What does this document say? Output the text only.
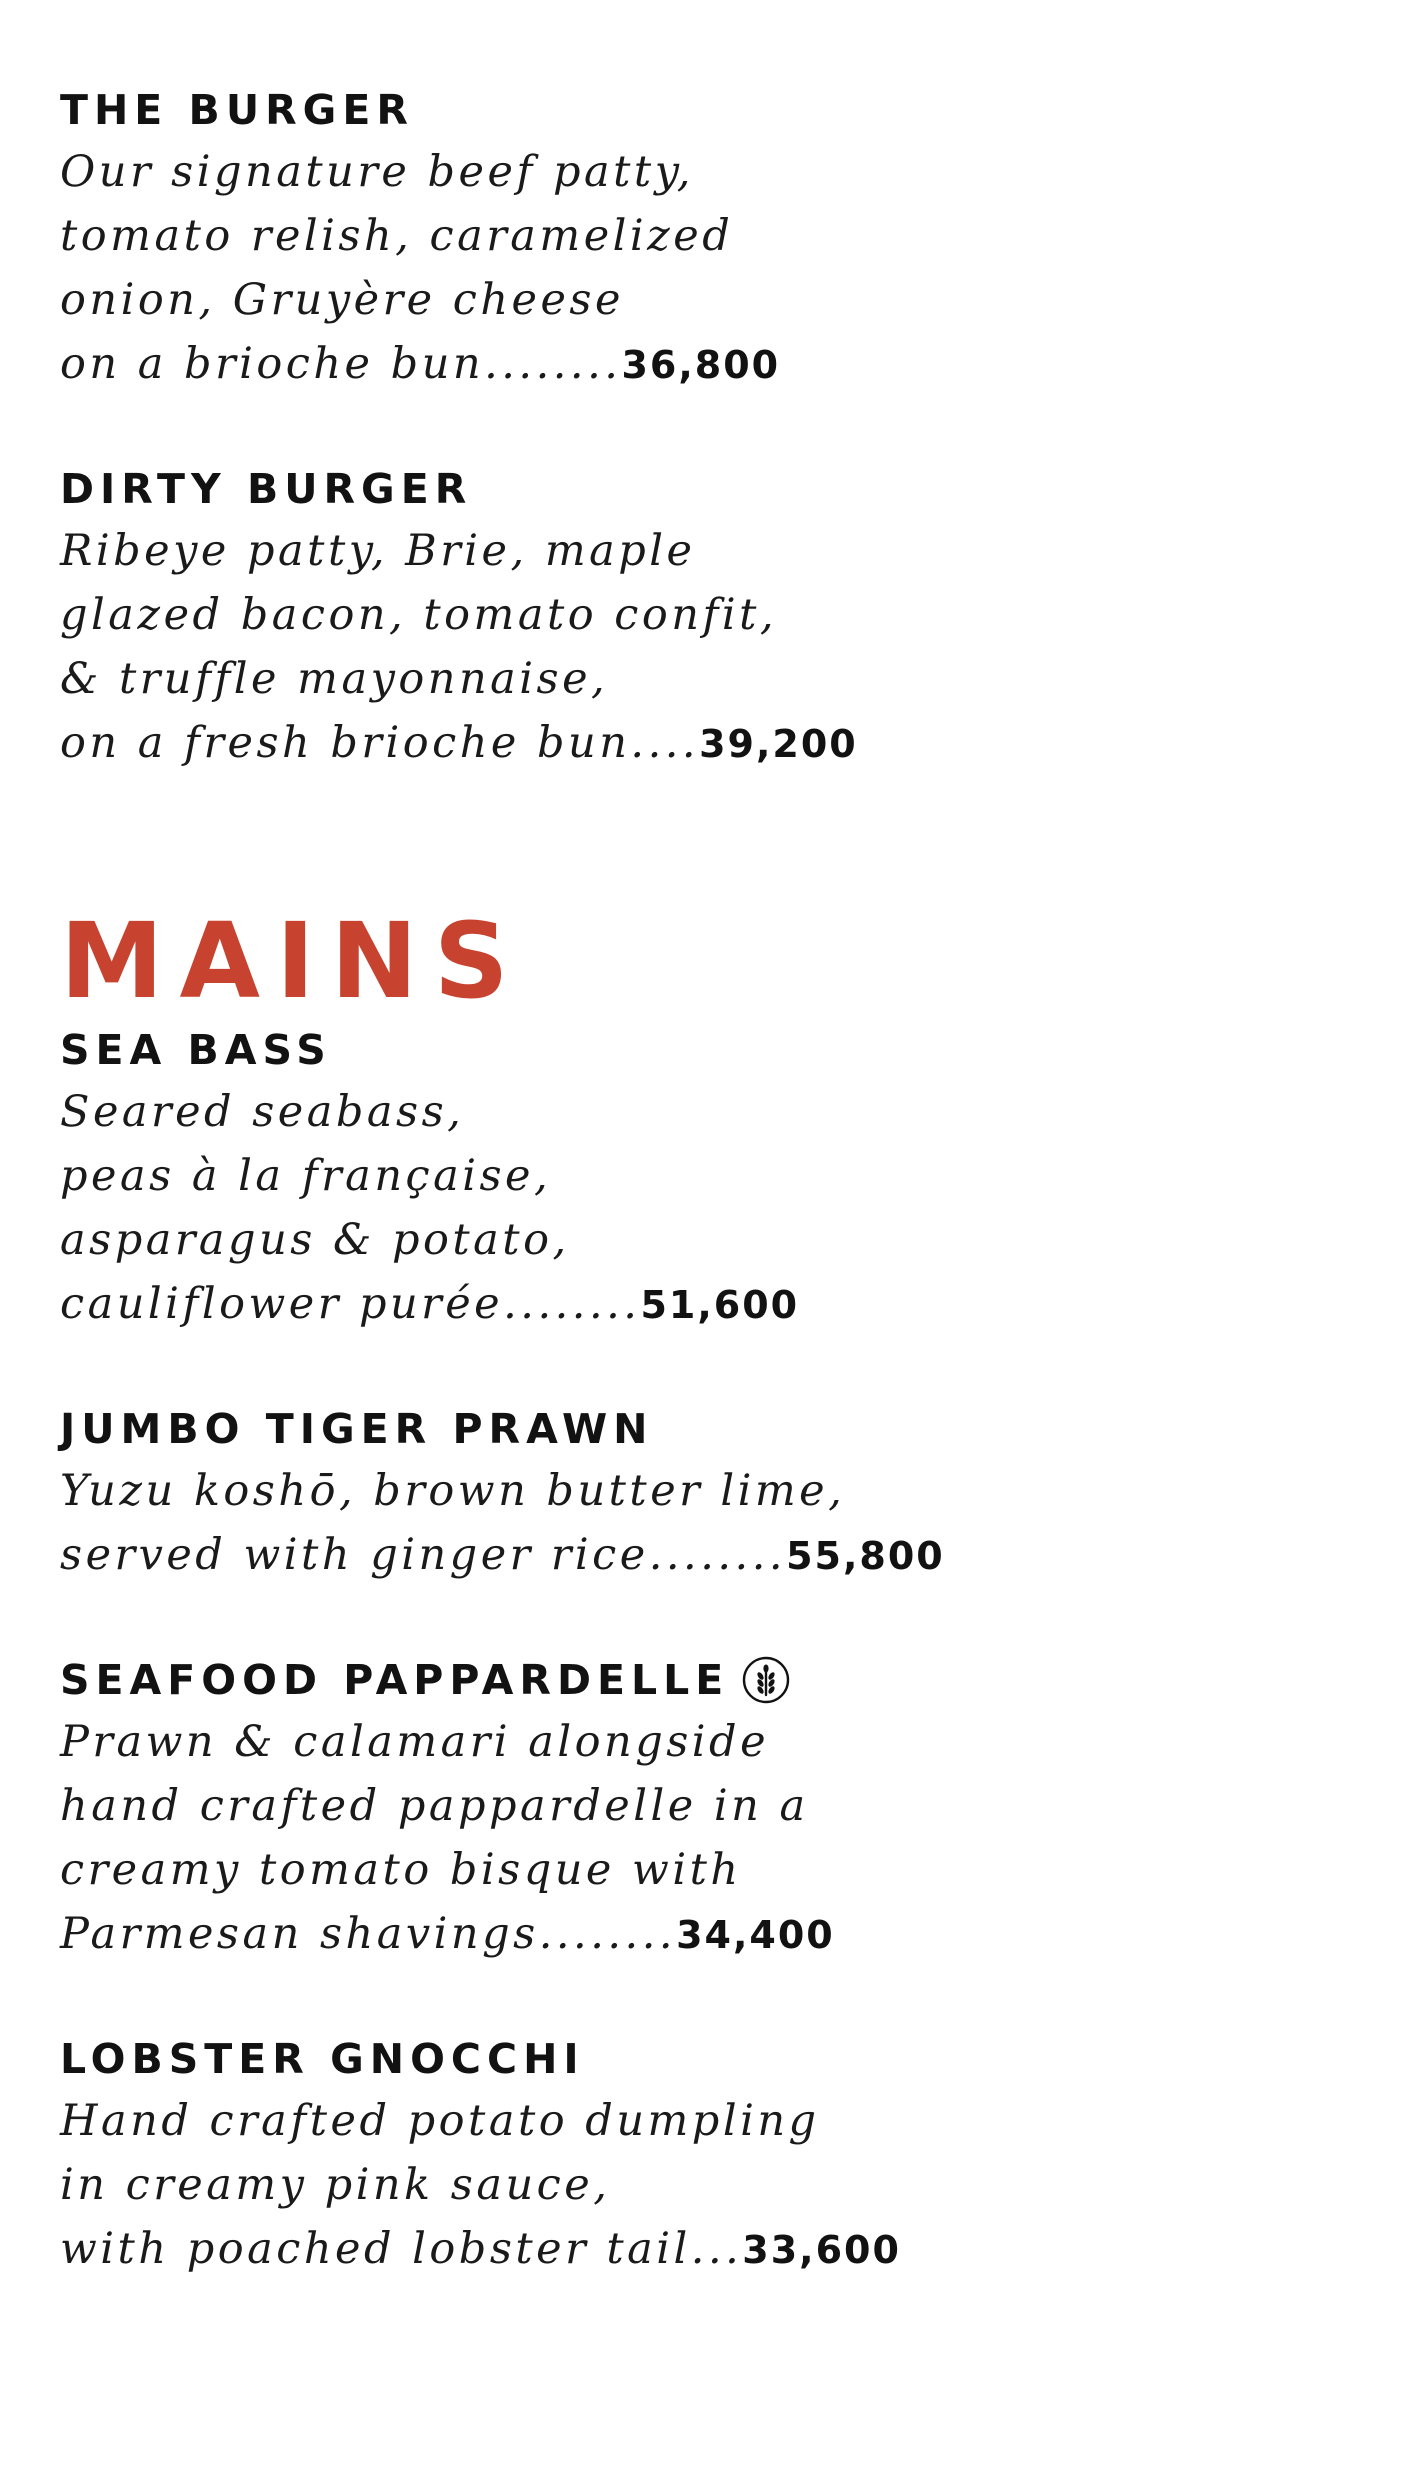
THE BURGER
Our signature beef patty,
tomato relish, caramelized
onion, Gruyère cheese
on a brioche bun........36,800
DIRTY BURGER
Ribeye patty, Brie, maple
glazed bacon, tomato confit,
& truffle mayonnaise,
on a fresh brioche bun....39,200
MAINS
SEA BASS
Seared seabass,
peas à la française,
asparagus & potato,
cauliflower purée........51,600
JUMBO TIGER PRAWN
Yuzu koshō, brown butter lime,
served with ginger rice........55,800
SEAFOOD PAPPARDELLE
Prawn & calamari alongside
hand crafted pappardelle in a
creamy tomato bisque with
Parmesan shavings........34,400
LOBSTER GNOCCHI
Hand crafted potato dumpling
in creamy pink sauce,
with poached lobster tail...33,600
